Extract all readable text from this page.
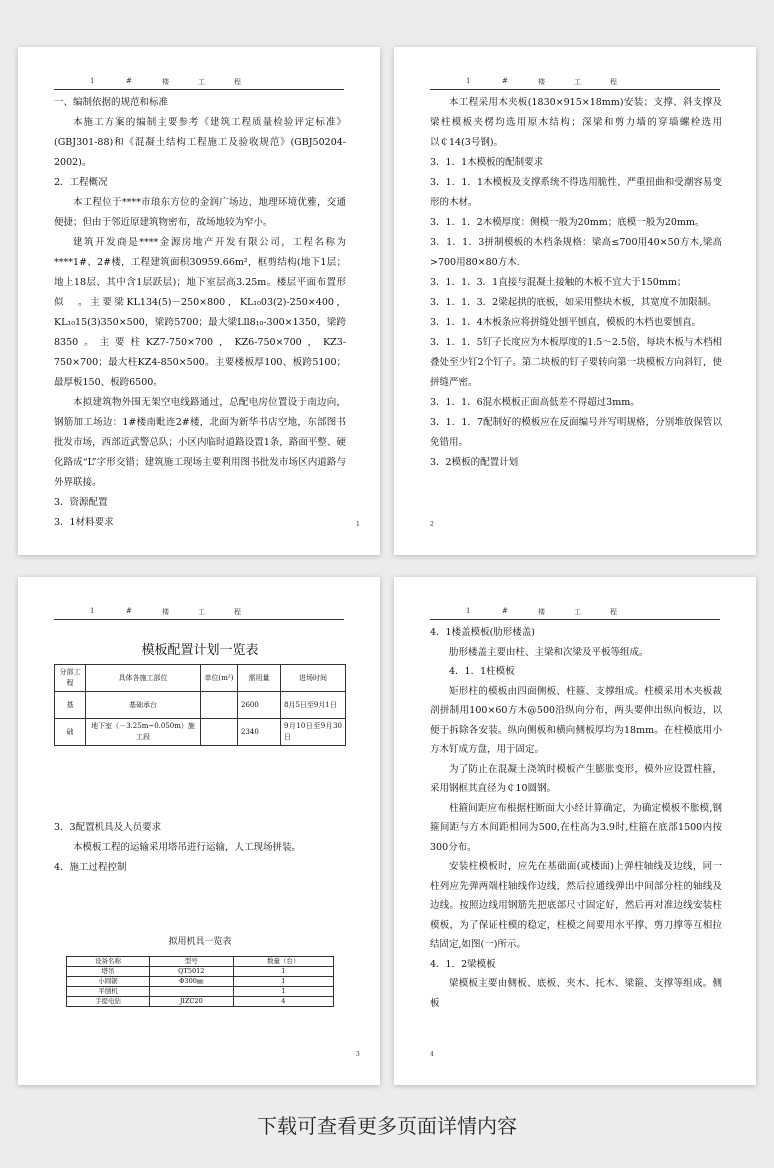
1	#	楼	工	程

一、编制依据的规范和标准

本施工方案的编制主要参考《建筑工程质量检验评定标准》(GBJ301-88)和《混凝土结构工程施工及验收规范》(GBJ50204-2002)。

2．工程概况

本工程位于****市琅东方位的金润广场边，地理环境优雅，交通便捷；但由于邻近原建筑物密布，故场地较为窄小。

建筑开发商是****金源房地产开发有限公司，工程名称为****1#、2#楼，工程建筑面积30959.66m²，框剪结构(地下1层；地上18层、其中含1层跃层)；地下室层高3.25m。楼层平面布置形似　。主要梁KL134(5)－250×800，KL₁₀03(2)-250×400，KL₁₀15(3)350×500，梁跨5700；最大梁Lll8₁₀-300×1350，梁跨8350。主要柱KZ7-750×700，KZ6-750×700，KZ3-750×700；最大柱KZ4-850×500。主要楼板厚100、板跨5100；最厚板150、板跨6500。

本拟建筑物外围无架空电线路通过，总配电房位置设于南边向，钢筋加工场边：1#楼南毗连2#楼，北面为新华书店空地，东部图书批发市场，西部近武警总队；小区内临时道路设置1条，路面平整、硬化路成“L”字形交错；建筑施工现场主要利用图书批发市场区内道路与外界联接。

3．资源配置

3．1材料要求	1
1	#	楼	工	程

本工程采用木夹板(1830×915×18mm)安装；支撑、斜支撑及梁柱模板夹楞均选用原木结构；深梁和剪力墙的穿墙螺栓选用以￠14(3号钢)。

3．1．1木模板的配制要求

3．1．1．1木模板及支撑系统不得选用脆性、严重扭曲和受潮容易变形的木材。

3．1．1．2木模厚度：侧模一般为20mm；底模一般为20mm。

3．1．1．3拼制模板的木档条规格：梁高≤700用40×50方木,梁高>700用80×80方木.

3．1．1．3．1直接与混凝土接触的木板不宜大于150mm；

3．1．1．3．2梁起拱的底板，如采用整块木板，其宽度不加限制。

3．1．1．4木板条应将拼缝处刨平刨直，模板的木档也要刨直。

3．1．1．5钉子长度应为木板厚度的1.5～2.5倍，每块木板与木档相叠处至少钉2个钉子。第二块板的钉子要转向第一块模板方向斜钉，使拼缝严密。

3．1．1．6混水模板正面高低差不得超过3mm。

3．1．1．7配制好的模板应在反面编号并写明规格，分别堆放保管以免错用。

3．2模板的配置计划

2
1	#	楼	工	程
模板配置计划一览表
分部工程	具体各施工部位	单位(m²)	需用量	进场时间
基	基础承台		2600	8月5日至9月1日
础	地下室（－3.25m~0.050m）施工段		2340	9月10日至9月30日

3．3配置机具及人员要求

本模板工程的运输采用塔吊进行运输，人工现场拼装。

4．施工过程控制

拟用机具一览表
设备名称	型号	数量（台）
塔吊	QT5012	1
小圆锯	Φ300㎜	1
平刨机		1
手提电钻	JIZC20	4
3
1	#	楼	工	程

4．1楼盖模板(肋形楼盖)

肋形楼盖主要由柱、主梁和次梁及平板等组成。

4．1．1柱模板

矩形柱的模板由四面侧板、柱箍、支撑组成。柱模采用木夹板裁剖拼制用100×60方木@500沿纵向分布，两头要伸出纵向板边，以便于拆除各安装。纵向侧板和横向侧板厚均为18mm。在柱模底用小方木钉成方盘，用于固定。

为了防止在混凝土浇筑时模板产生膨胀变形，模外应设置柱箍，采用钢框其直径为￠10圆钢。

柱箍间距应布根据柱断面大小经计算确定，为确定模板不胀模,钢箍间距与方木间距相同为500,在柱高为3.9时,柱箍在底部1500内按300分布。

安装柱模板时，应先在基础面(或楼面)上弹柱轴线及边线，同一柱列应先弹两端柱轴线作边线，然后拉通线弹出中间部分柱的轴线及边线。按照边线用钢筋先把底部尺寸固定好，然后再对准边线安装柱模板，为了保证柱模的稳定，柱模之间要用水平撑、剪刀撑等互相拉结固定,如图(一)所示。

4．1．2梁模板

梁模板主要由侧板、底板、夹木、托木、梁箍、支撑等组成。侧板

4
下载可查看更多页面详情内容
